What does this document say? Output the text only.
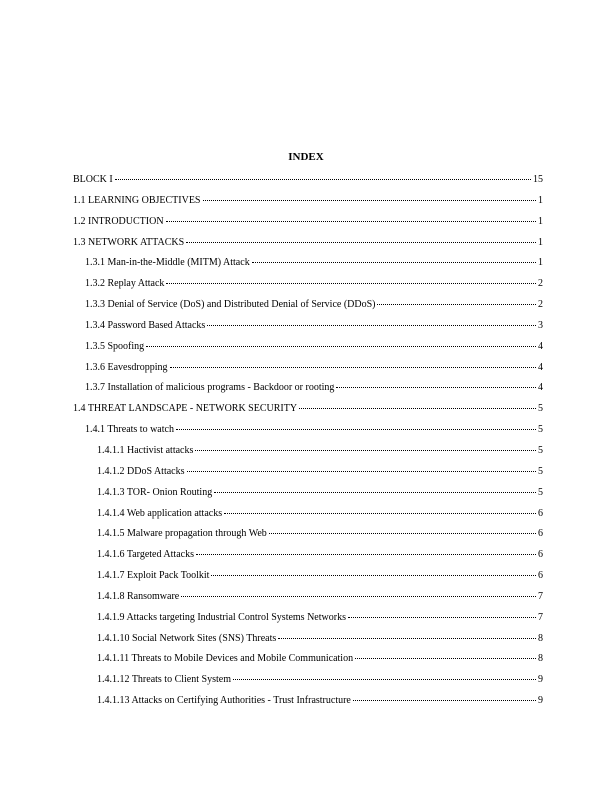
INDEX
BLOCK I	15
1.1 LEARNING OBJECTIVES	1
1.2 INTRODUCTION	1
1.3 NETWORK ATTACKS	1
1.3.1 Man-in-the-Middle (MITM) Attack	1
1.3.2 Replay Attack	2
1.3.3 Denial of Service (DoS) and Distributed Denial of Service (DDoS)	2
1.3.4 Password Based Attacks	3
1.3.5 Spoofing	4
1.3.6 Eavesdropping	4
1.3.7 Installation of malicious programs - Backdoor or rooting	4
1.4 THREAT LANDSCAPE - NETWORK SECURITY	5
1.4.1 Threats to watch	5
1.4.1.1 Hactivist attacks	5
1.4.1.2 DDoS Attacks	5
1.4.1.3 TOR- Onion Routing	5
1.4.1.4 Web application attacks	6
1.4.1.5 Malware propagation through Web	6
1.4.1.6 Targeted Attacks	6
1.4.1.7 Exploit Pack Toolkit	6
1.4.1.8 Ransomware	7
1.4.1.9 Attacks targeting Industrial Control Systems Networks	7
1.4.1.10 Social Network Sites (SNS) Threats	8
1.4.1.11 Threats to Mobile Devices and Mobile Communication	8
1.4.1.12 Threats to Client System	9
1.4.1.13 Attacks on Certifying Authorities - Trust Infrastructure	9
